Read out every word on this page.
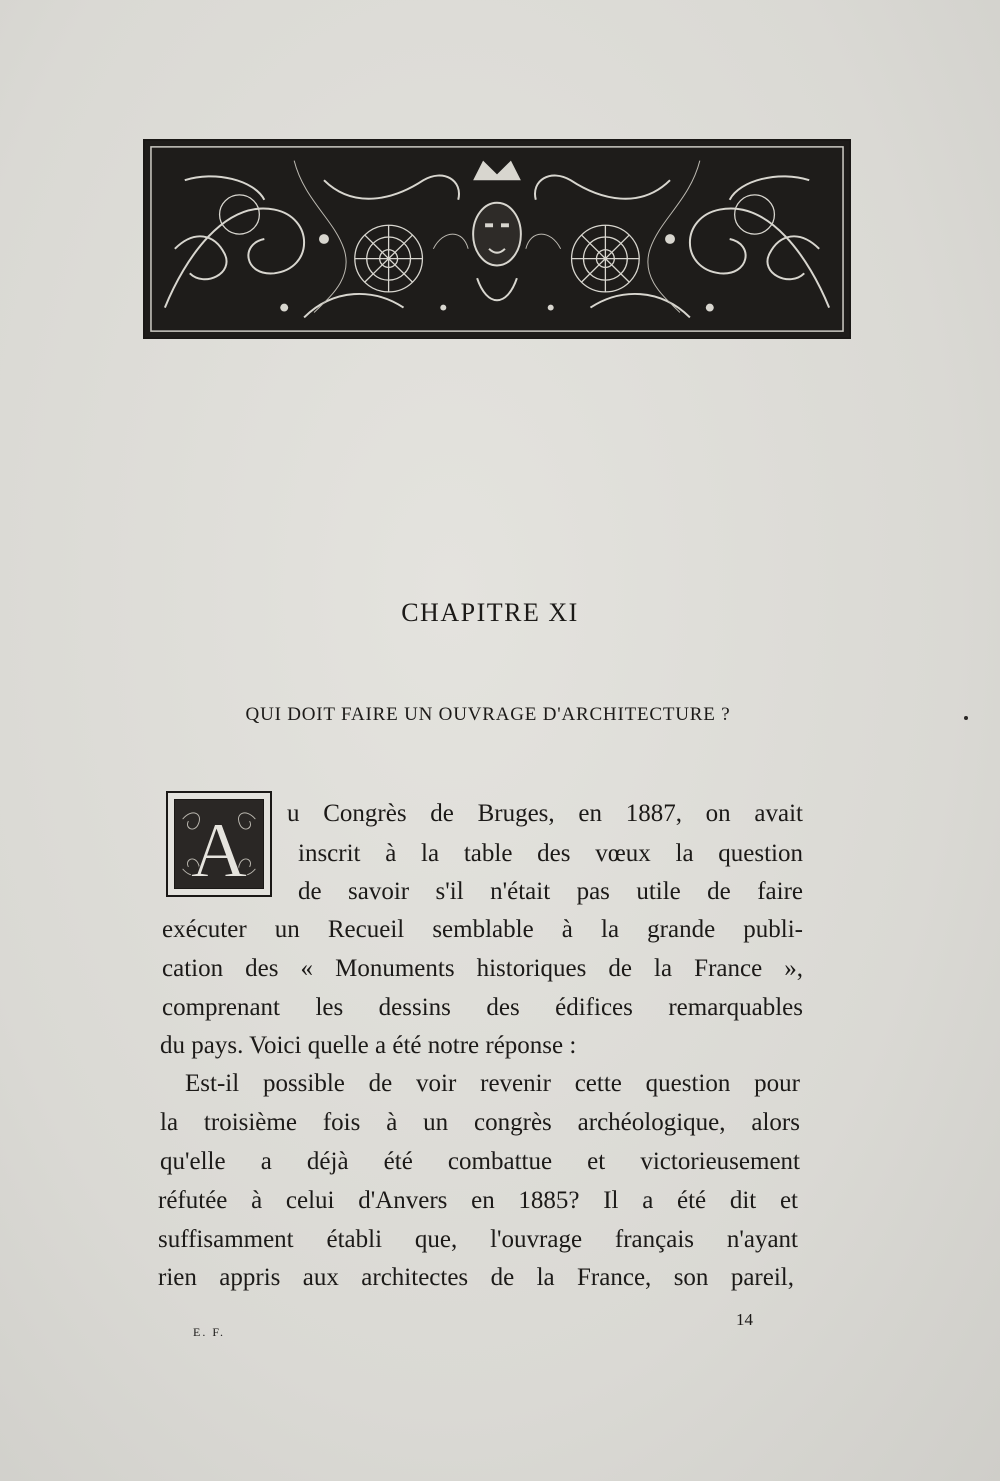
CHAPITRE XI
QUI DOIT FAIRE UN OUVRAGE D'ARCHITECTURE ?
A u Congrès de Bruges, en 1887, on avait
inscrit à la table des vœux la question
de savoir s'il n'était pas utile de faire
exécuter un Recueil semblable à la grande publi-
cation des « Monuments historiques de la France »,
comprenant les dessins des édifices remarquables
du pays. Voici quelle a été notre réponse :
Est-il possible de voir revenir cette question pour
la troisième fois à un congrès archéologique, alors
qu'elle a déjà été combattue et victorieusement
réfutée à celui d'Anvers en 1885? Il a été dit et
suffisamment établi que, l'ouvrage français n'ayant
rien appris aux architectes de la France, son pareil,
E. F.
14
